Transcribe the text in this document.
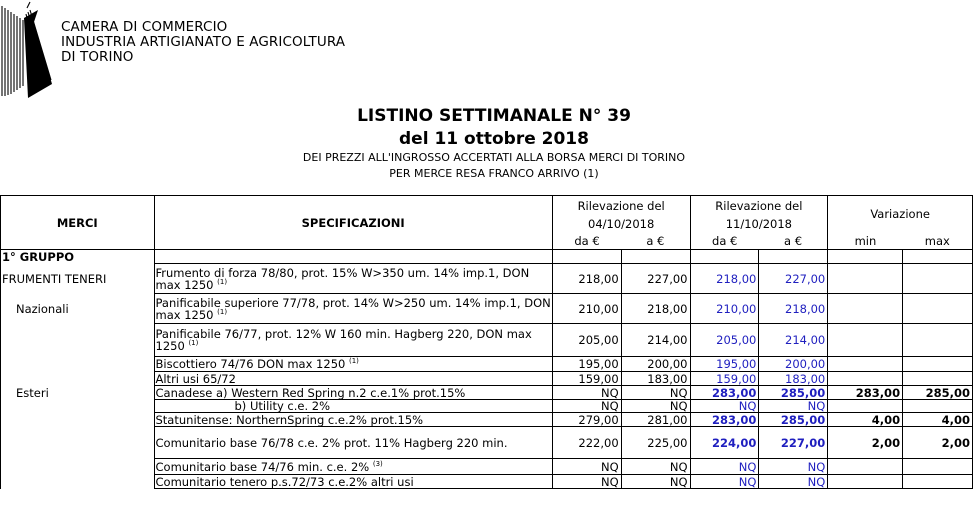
CAMERA DI COMMERCIO
INDUSTRIA ARTIGIANATO E AGRICOLTURA
DI TORINO
LISTINO SETTIMANALE N° 39
del 11 ottobre 2018
DEI PREZZI ALL'INGROSSO ACCERTATI ALLA BORSA MERCI DI TORINO
PER MERCE RESA FRANCO ARRIVO (1)
MERCI	SPECIFICAZIONI	Rilevazione del		Rilevazione del		Variazione	
		04/10/2018		11/10/2018			
		da €	a €	da €	a €	min	max
1° GRUPPO							
FRUMENTI TENERI	Frumento di forza 78/80, prot. 15% W>350 um. 14% imp.1, DON max 1250 $^{(1)}$	218,00	227,00	218,00	227,00		
Nazionali	Panificabile superiore 77/78, prot. 14% W>250 um. 14% imp.1, DON max 1250 $^{(1)}$	210,00	218,00	210,00	218,00		
	Panificabile 76/77, prot. 12% W 160 min. Hagberg 220, DON max 1250 $^{(1)}$	205,00	214,00	205,00	214,00		
	Biscottiero 74/76 DON max 1250 $^{(1)}$	195,00	200,00	195,00	200,00		
	Altri usi 65/72	159,00	183,00	159,00	183,00		
Esteri	Canadese a) Western Red Spring n.2 c.e.1% prot.15%	NQ	NQ	283,00	285,00	283,00	285,00
	b) Utility c.e. 2%	NQ	NQ	NQ	NQ		
	Statunitense: NorthernSpring c.e.2% prot.15%	279,00	281,00	283,00	285,00	4,00	4,00
	Comunitario base 76/78 c.e. 2% prot. 11% Hagberg 220 min.	222,00	225,00	224,00	227,00	2,00	2,00
	Comunitario base 74/76 min. c.e. 2% $^{(3)}$	NQ	NQ	NQ	NQ		
	Comunitario tenero p.s.72/73 c.e.2% altri usi	NQ	NQ	NQ	NQ		
